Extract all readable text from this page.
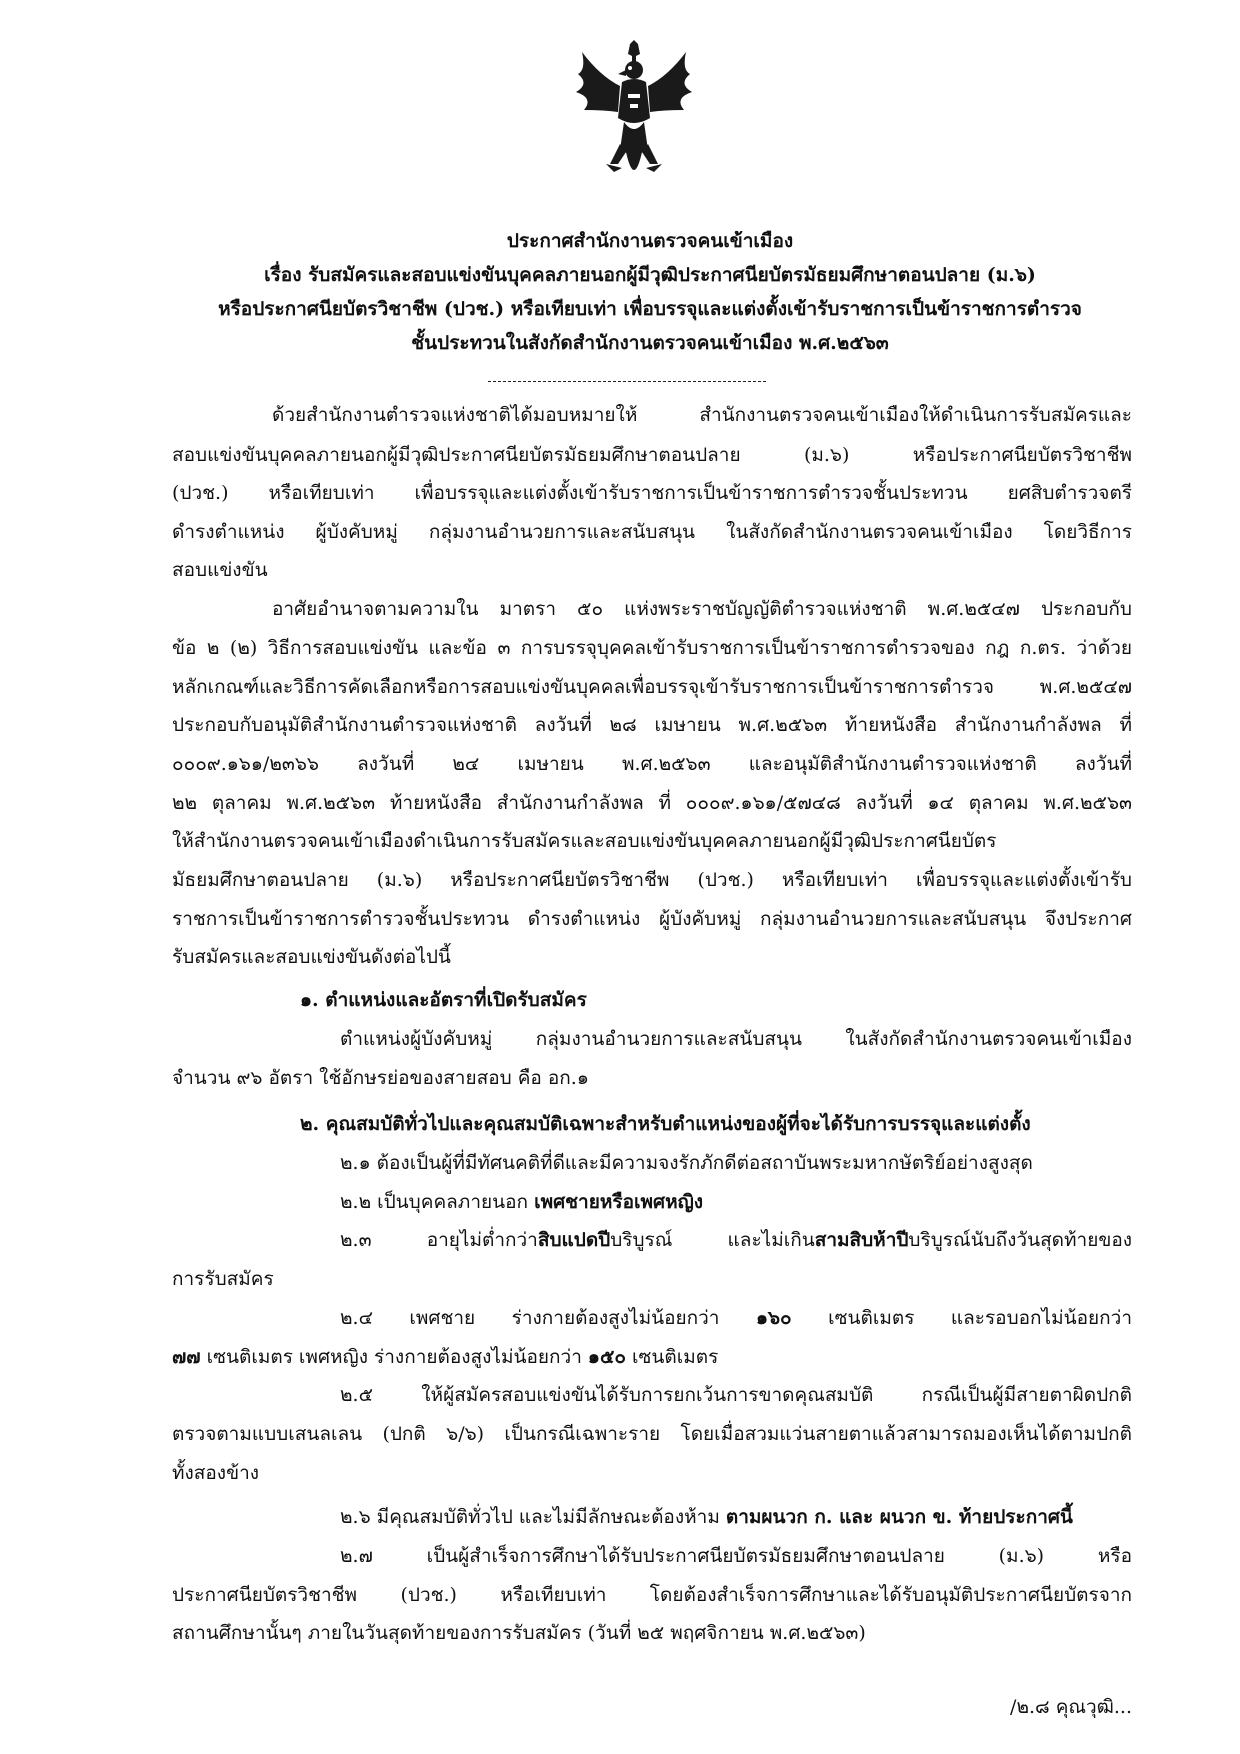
ประกาศสำนักงานตรวจคนเข้าเมือง
เรื่อง รับสมัครและสอบแข่งขันบุคคลภายนอกผู้มีวุฒิประกาศนียบัตรมัธยมศึกษาตอนปลาย (ม.๖)
หรือประกาศนียบัตรวิชาชีพ (ปวช.) หรือเทียบเท่า เพื่อบรรจุและแต่งตั้งเข้ารับราชการเป็นข้าราชการตำรวจ
ชั้นประทวนในสังกัดสำนักงานตรวจคนเข้าเมือง พ.ศ.๒๕๖๓
ด้วยสำนักงานตำรวจแห่งชาติได้มอบหมายให้ สำนักงานตรวจคนเข้าเมืองให้ดำเนินการรับสมัครและ
สอบแข่งขันบุคคลภายนอกผู้มีวุฒิประกาศนียบัตรมัธยมศึกษาตอนปลาย (ม.๖) หรือประกาศนียบัตรวิชาชีพ
(ปวช.) หรือเทียบเท่า เพื่อบรรจุและแต่งตั้งเข้ารับราชการเป็นข้าราชการตำรวจชั้นประทวน ยศสิบตำรวจตรี
ดำรงตำแหน่ง ผู้บังคับหมู่ กลุ่มงานอำนวยการและสนับสนุน ในสังกัดสำนักงานตรวจคนเข้าเมือง โดยวิธีการ
สอบแข่งขัน
อาศัยอำนาจตามความใน มาตรา ๕๐ แห่งพระราชบัญญัติตำรวจแห่งชาติ พ.ศ.๒๕๔๗ ประกอบกับ
ข้อ ๒ (๒) วิธีการสอบแข่งขัน และข้อ ๓ การบรรจุบุคคลเข้ารับราชการเป็นข้าราชการตำรวจของ กฎ ก.ตร. ว่าด้วย
หลักเกณฑ์และวิธีการคัดเลือกหรือการสอบแข่งขันบุคคลเพื่อบรรจุเข้ารับราชการเป็นข้าราชการตำรวจ พ.ศ.๒๕๔๗
ประกอบกับอนุมัติสำนักงานตำรวจแห่งชาติ ลงวันที่ ๒๘ เมษายน พ.ศ.๒๕๖๓ ท้ายหนังสือ สำนักงานกำลังพล ที่
๐๐๐๙.๑๖๑/๒๓๖๖ ลงวันที่ ๒๔ เมษายน พ.ศ.๒๕๖๓ และอนุมัติสำนักงานตำรวจแห่งชาติ ลงวันที่
๒๒ ตุลาคม พ.ศ.๒๕๖๓ ท้ายหนังสือ สำนักงานกำลังพล ที่ ๐๐๐๙.๑๖๑/๕๗๔๘ ลงวันที่ ๑๔ ตุลาคม พ.ศ.๒๕๖๓
ให้สำนักงานตรวจคนเข้าเมืองดำเนินการรับสมัครและสอบแข่งขันบุคคลภายนอกผู้มีวุฒิประกาศนียบัตร
มัธยมศึกษาตอนปลาย (ม.๖) หรือประกาศนียบัตรวิชาชีพ (ปวช.) หรือเทียบเท่า เพื่อบรรจุและแต่งตั้งเข้ารับ
ราชการเป็นข้าราชการตำรวจชั้นประทวน ดำรงตำแหน่ง ผู้บังคับหมู่ กลุ่มงานอำนวยการและสนับสนุน จึงประกาศ
รับสมัครและสอบแข่งขันดังต่อไปนี้
๑. ตำแหน่งและอัตราที่เปิดรับสมัคร
ตำแหน่งผู้บังคับหมู่ กลุ่มงานอำนวยการและสนับสนุน ในสังกัดสำนักงานตรวจคนเข้าเมือง
จำนวน ๙๖ อัตรา ใช้อักษรย่อของสายสอบ คือ อก.๑
๒. คุณสมบัติทั่วไปและคุณสมบัติเฉพาะสำหรับตำแหน่งของผู้ที่จะได้รับการบรรจุและแต่งตั้ง
๒.๑ ต้องเป็นผู้ที่มีทัศนคติที่ดีและมีความจงรักภักดีต่อสถาบันพระมหากษัตริย์อย่างสูงสุด
๒.๒ เป็นบุคคลภายนอก เพศชายหรือเพศหญิง
๒.๓ อายุไม่ต่ำกว่าสิบแปดปีบริบูรณ์ และไม่เกินสามสิบห้าปีบริบูรณ์นับถึงวันสุดท้ายของ
การรับสมัคร
๒.๔ เพศชาย ร่างกายต้องสูงไม่น้อยกว่า ๑๖๐ เซนติเมตร และรอบอกไม่น้อยกว่า
๗๗ เซนติเมตร เพศหญิง ร่างกายต้องสูงไม่น้อยกว่า ๑๕๐ เซนติเมตร
๒.๕ ให้ผู้สมัครสอบแข่งขันได้รับการยกเว้นการขาดคุณสมบัติ กรณีเป็นผู้มีสายตาผิดปกติ
ตรวจตามแบบเสนลเลน (ปกติ ๖/๖) เป็นกรณีเฉพาะราย โดยเมื่อสวมแว่นสายตาแล้วสามารถมองเห็นได้ตามปกติ
ทั้งสองข้าง
๒.๖ มีคุณสมบัติทั่วไป และไม่มีลักษณะต้องห้าม ตามผนวก ก. และ ผนวก ข. ท้ายประกาศนี้
๒.๗ เป็นผู้สำเร็จการศึกษาได้รับประกาศนียบัตรมัธยมศึกษาตอนปลาย (ม.๖) หรือ
ประกาศนียบัตรวิชาชีพ (ปวช.) หรือเทียบเท่า โดยต้องสำเร็จการศึกษาและได้รับอนุมัติประกาศนียบัตรจาก
สถานศึกษานั้นๆ ภายในวันสุดท้ายของการรับสมัคร (วันที่ ๒๕ พฤศจิกายน พ.ศ.๒๕๖๓)
/๒.๘ คุณวุฒิ...
